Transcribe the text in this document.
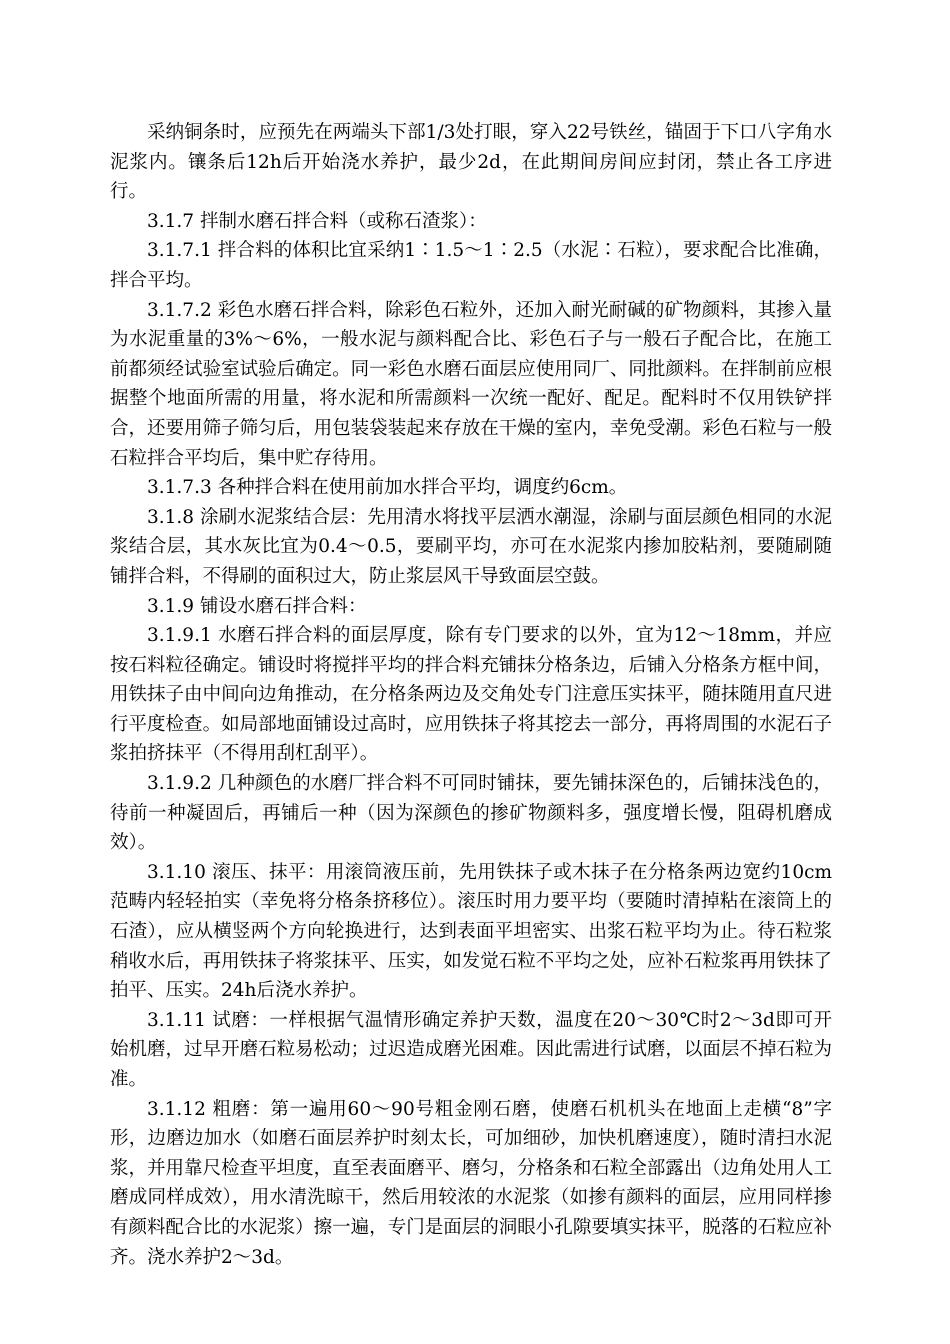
采纳铜条时，应预先在两端头下部1/3处打眼，穿入22号铁丝，锚固于下口八字角水泥浆内。镶条后12h后开始浇水养护，最少2d，在此期间房间应封闭，禁止各工序进行。

3.1.7 拌制水磨石拌合料（或称石渣浆）：

3.1.7.1 拌合料的体积比宜采纳1∶1.5～1∶2.5（水泥∶石粒），要求配合比准确，拌合平均。

3.1.7.2 彩色水磨石拌合料，除彩色石粒外，还加入耐光耐碱的矿物颜料，其掺入量为水泥重量的3%～6%，一般水泥与颜料配合比、彩色石子与一般石子配合比，在施工前都须经试验室试验后确定。同一彩色水磨石面层应使用同厂、同批颜料。在拌制前应根据整个地面所需的用量，将水泥和所需颜料一次统一配好、配足。配料时不仅用铁铲拌合，还要用筛子筛匀后，用包装袋装起来存放在干燥的室内，幸免受潮。彩色石粒与一般石粒拌合平均后，集中贮存待用。

3.1.7.3 各种拌合料在使用前加水拌合平均，调度约6cm。

3.1.8 涂刷水泥浆结合层：先用清水将找平层洒水潮湿，涂刷与面层颜色相同的水泥浆结合层，其水灰比宜为0.4～0.5，要刷平均，亦可在水泥浆内掺加胶粘剂，要随刷随铺拌合料，不得刷的面积过大，防止浆层风干导致面层空鼓。

3.1.9 铺设水磨石拌合料：

3.1.9.1 水磨石拌合料的面层厚度，除有专门要求的以外，宜为12～18mm，并应按石料粒径确定。铺设时将搅拌平均的拌合料充铺抹分格条边，后铺入分格条方框中间，用铁抹子由中间向边角推动，在分格条两边及交角处专门注意压实抹平，随抹随用直尺进行平度检查。如局部地面铺设过高时，应用铁抹子将其挖去一部分，再将周围的水泥石子浆拍挤抹平（不得用刮杠刮平）。

3.1.9.2 几种颜色的水磨厂拌合料不可同时铺抹，要先铺抹深色的，后铺抹浅色的，待前一种凝固后，再铺后一种（因为深颜色的掺矿物颜料多，强度增长慢，阻碍机磨成效）。

3.1.10 滚压、抹平：用滚筒液压前，先用铁抹子或木抹子在分格条两边宽约10cm范畴内轻轻拍实（幸免将分格条挤移位）。滚压时用力要平均（要随时清掉粘在滚筒上的石渣），应从横竖两个方向轮换进行，达到表面平坦密实、出浆石粒平均为止。待石粒浆稍收水后，再用铁抹子将浆抹平、压实，如发觉石粒不平均之处，应补石粒浆再用铁抹了拍平、压实。24h后浇水养护。

3.1.11 试磨：一样根据气温情形确定养护天数，温度在20～30℃时2～3d即可开始机磨，过早开磨石粒易松动；过迟造成磨光困难。因此需进行试磨，以面层不掉石粒为准。

3.1.12 粗磨：第一遍用60～90号粗金刚石磨，使磨石机机头在地面上走横“8”字形，边磨边加水（如磨石面层养护时刻太长，可加细砂，加快机磨速度），随时清扫水泥浆，并用靠尺检查平坦度，直至表面磨平、磨匀，分格条和石粒全部露出（边角处用人工磨成同样成效），用水清洗晾干，然后用较浓的水泥浆（如掺有颜料的面层，应用同样掺有颜料配合比的水泥浆）擦一遍，专门是面层的洞眼小孔隙要填实抹平，脱落的石粒应补齐。浇水养护2～3d。
